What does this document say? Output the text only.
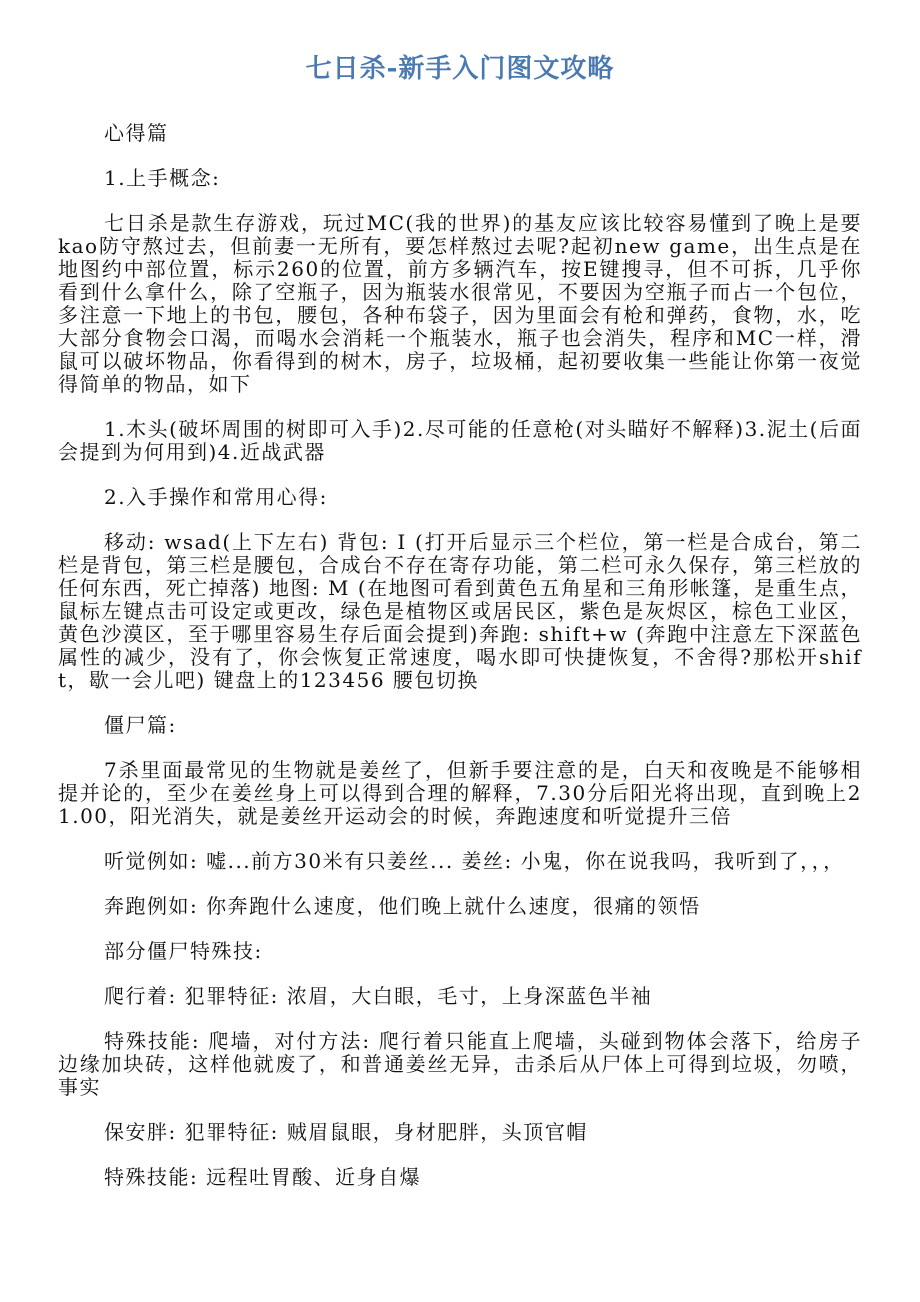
七日杀-新手入门图文攻略

心得篇

1.上手概念:

七日杀是款生存游戏，玩过MC(我的世界)的基友应该比较容易懂到了晚上是要kao防守熬过去，但前妻一无所有，要怎样熬过去呢?起初new game，出生点是在地图约中部位置，标示260的位置，前方多辆汽车，按E键搜寻，但不可拆，几乎你看到什么拿什么，除了空瓶子，因为瓶装水很常见，不要因为空瓶子而占一个包位，多注意一下地上的书包，腰包，各种布袋子，因为里面会有枪和弹药，食物，水，吃大部分食物会口渴，而喝水会消耗一个瓶装水，瓶子也会消失，程序和MC一样，滑鼠可以破坏物品，你看得到的树木，房子，垃圾桶，起初要收集一些能让你第一夜觉得简单的物品，如下

1.木头(破坏周围的树即可入手)2.尽可能的任意枪(对头瞄好不解释)3.泥土(后面会提到为何用到)4.近战武器

2.入手操作和常用心得:

移动: wsad(上下左右) 背包: I (打开后显示三个栏位，第一栏是合成台，第二栏是背包，第三栏是腰包，合成台不存在寄存功能，第二栏可永久保存，第三栏放的任何东西，死亡掉落) 地图: M (在地图可看到黄色五角星和三角形帐篷，是重生点，鼠标左键点击可设定或更改，绿色是植物区或居民区，紫色是灰烬区，棕色工业区，黄色沙漠区，至于哪里容易生存后面会提到)奔跑: shift+w (奔跑中注意左下深蓝色属性的减少，没有了，你会恢复正常速度，喝水即可快捷恢复，不舍得?那松开shift，歇一会儿吧) 键盘上的123456 腰包切换

僵尸篇:

7杀里面最常见的生物就是姜丝了，但新手要注意的是，白天和夜晚是不能够相提并论的，至少在姜丝身上可以得到合理的解释，7.30分后阳光将出现，直到晚上21.00，阳光消失，就是姜丝开运动会的时候，奔跑速度和听觉提升三倍

听觉例如: 嘘...前方30米有只姜丝... 姜丝: 小鬼，你在说我吗，我听到了，，，

奔跑例如: 你奔跑什么速度，他们晚上就什么速度，很痛的领悟

部分僵尸特殊技:

爬行着: 犯罪特征: 浓眉，大白眼，毛寸，上身深蓝色半袖

特殊技能: 爬墙，对付方法: 爬行着只能直上爬墙，头碰到物体会落下，给房子边缘加块砖，这样他就废了，和普通姜丝无异，击杀后从尸体上可得到垃圾，勿喷，事实

保安胖: 犯罪特征: 贼眉鼠眼，身材肥胖，头顶官帽

特殊技能: 远程吐胃酸、近身自爆
